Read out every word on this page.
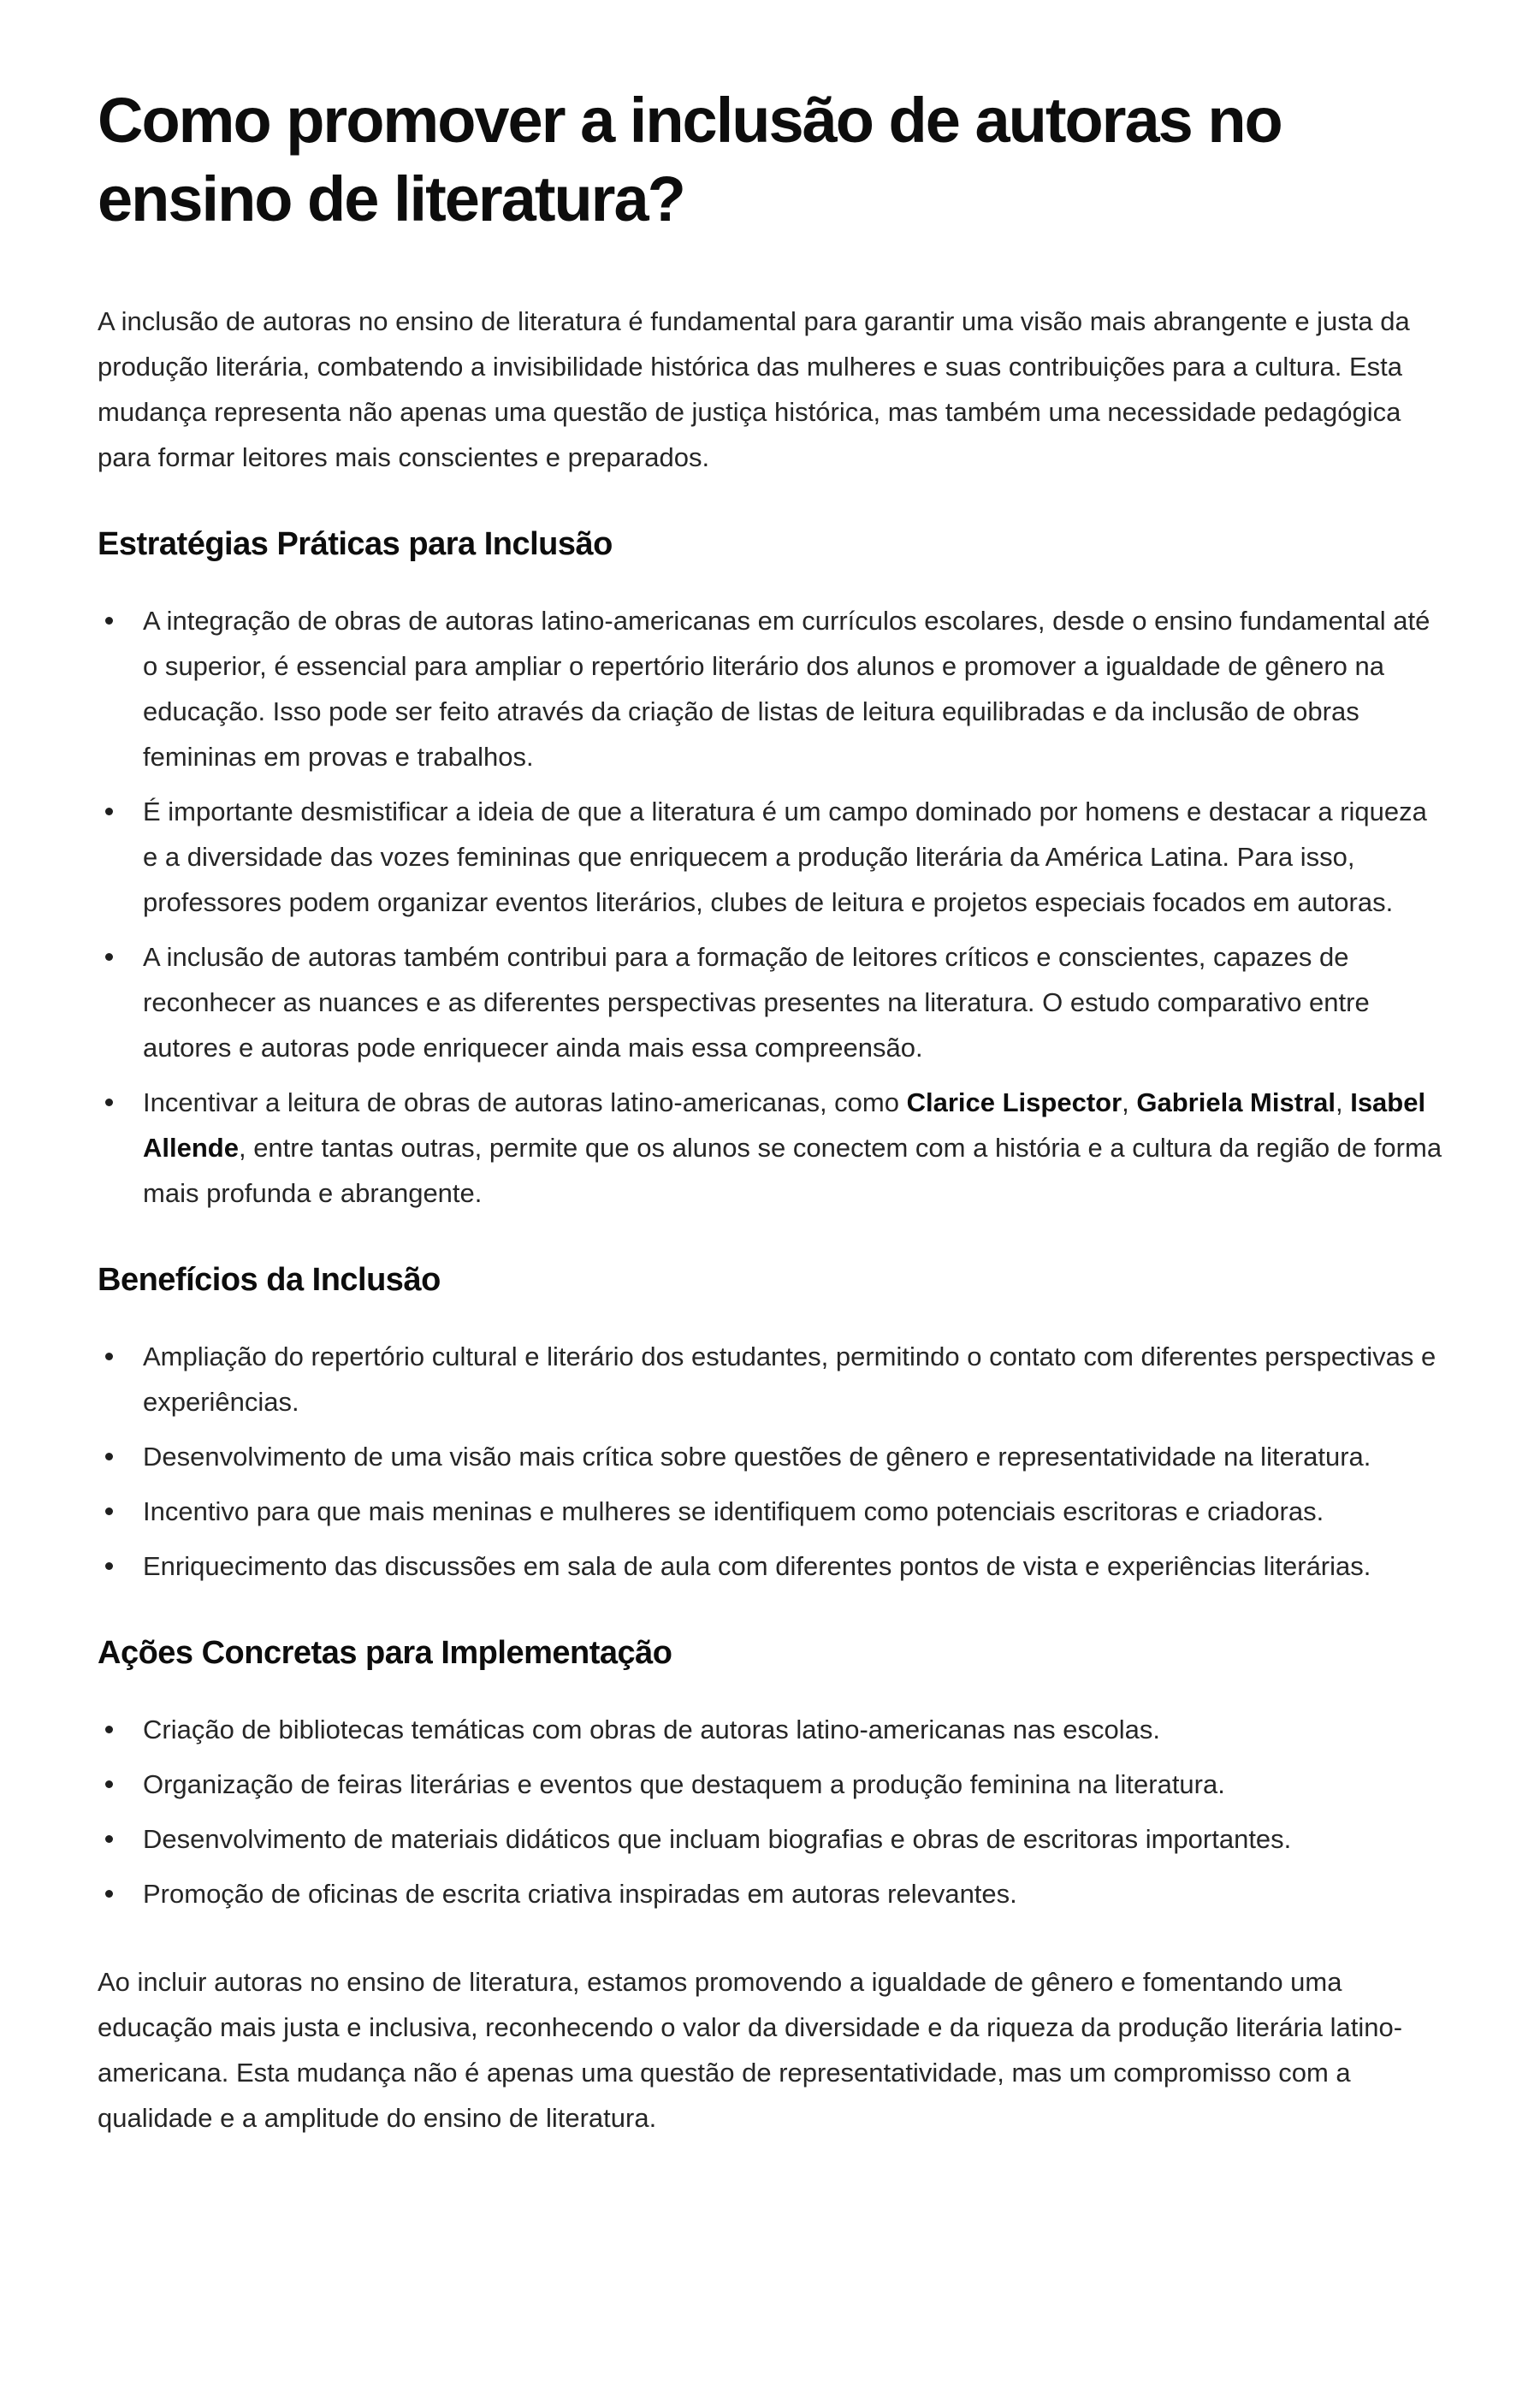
Como promover a inclusão de autoras no ensino de literatura?

A inclusão de autoras no ensino de literatura é fundamental para garantir uma visão mais abrangente e justa da produção literária, combatendo a invisibilidade histórica das mulheres e suas contribuições para a cultura. Esta mudança representa não apenas uma questão de justiça histórica, mas também uma necessidade pedagógica para formar leitores mais conscientes e preparados.

Estratégias Práticas para Inclusão
A integração de obras de autoras latino-americanas em currículos escolares, desde o ensino fundamental até o superior, é essencial para ampliar o repertório literário dos alunos e promover a igualdade de gênero na educação. Isso pode ser feito através da criação de listas de leitura equilibradas e da inclusão de obras femininas em provas e trabalhos.
É importante desmistificar a ideia de que a literatura é um campo dominado por homens e destacar a riqueza e a diversidade das vozes femininas que enriquecem a produção literária da América Latina. Para isso, professores podem organizar eventos literários, clubes de leitura e projetos especiais focados em autoras.
A inclusão de autoras também contribui para a formação de leitores críticos e conscientes, capazes de reconhecer as nuances e as diferentes perspectivas presentes na literatura. O estudo comparativo entre autores e autoras pode enriquecer ainda mais essa compreensão.
Incentivar a leitura de obras de autoras latino-americanas, como Clarice Lispector, Gabriela Mistral, Isabel Allende, entre tantas outras, permite que os alunos se conectem com a história e a cultura da região de forma mais profunda e abrangente.
Benefícios da Inclusão
Ampliação do repertório cultural e literário dos estudantes, permitindo o contato com diferentes perspectivas e experiências.
Desenvolvimento de uma visão mais crítica sobre questões de gênero e representatividade na literatura.
Incentivo para que mais meninas e mulheres se identifiquem como potenciais escritoras e criadoras.
Enriquecimento das discussões em sala de aula com diferentes pontos de vista e experiências literárias.
Ações Concretas para Implementação
Criação de bibliotecas temáticas com obras de autoras latino-americanas nas escolas.
Organização de feiras literárias e eventos que destaquem a produção feminina na literatura.
Desenvolvimento de materiais didáticos que incluam biografias e obras de escritoras importantes.
Promoção de oficinas de escrita criativa inspiradas em autoras relevantes.

Ao incluir autoras no ensino de literatura, estamos promovendo a igualdade de gênero e fomentando uma educação mais justa e inclusiva, reconhecendo o valor da diversidade e da riqueza da produção literária latino-americana. Esta mudança não é apenas uma questão de representatividade, mas um compromisso com a qualidade e a amplitude do ensino de literatura.
